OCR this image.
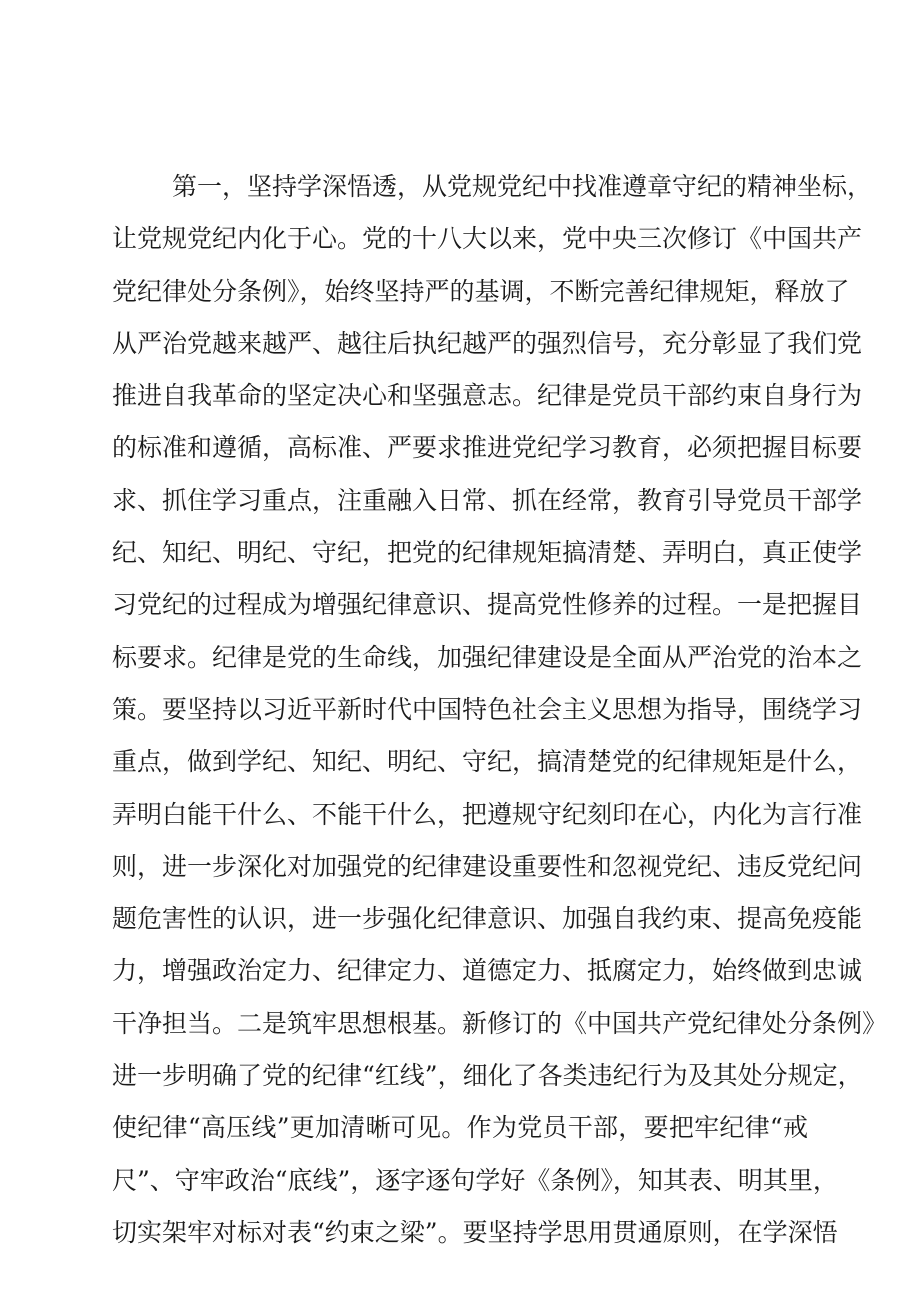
第一，坚持学深悟透，从党规党纪中找准遵章守纪的精神坐标，
让党规党纪内化于心。党的十八大以来，党中央三次修订《中国共产
党纪律处分条例》，始终坚持严的基调，不断完善纪律规矩，释放了
从严治党越来越严、越往后执纪越严的强烈信号，充分彰显了我们党
推进自我革命的坚定决心和坚强意志。纪律是党员干部约束自身行为
的标准和遵循，高标准、严要求推进党纪学习教育，必须把握目标要
求、抓住学习重点，注重融入日常、抓在经常，教育引导党员干部学
纪、知纪、明纪、守纪，把党的纪律规矩搞清楚、弄明白，真正使学
习党纪的过程成为增强纪律意识、提高党性修养的过程。一是把握目
标要求。纪律是党的生命线，加强纪律建设是全面从严治党的治本之
策。要坚持以习近平新时代中国特色社会主义思想为指导，围绕学习
重点，做到学纪、知纪、明纪、守纪，搞清楚党的纪律规矩是什么，
弄明白能干什么、不能干什么，把遵规守纪刻印在心，内化为言行准
则，进一步深化对加强党的纪律建设重要性和忽视党纪、违反党纪问
题危害性的认识，进一步强化纪律意识、加强自我约束、提高免疫能
力，增强政治定力、纪律定力、道德定力、抵腐定力，始终做到忠诚
干净担当。二是筑牢思想根基。新修订的《中国共产党纪律处分条例》
进一步明确了党的纪律“红线”，细化了各类违纪行为及其处分规定，
使纪律“高压线”更加清晰可见。作为党员干部，要把牢纪律“戒
尺”、守牢政治“底线”，逐字逐句学好《条例》，知其表、明其里，
切实架牢对标对表“约束之梁”。要坚持学思用贯通原则，在学深悟
